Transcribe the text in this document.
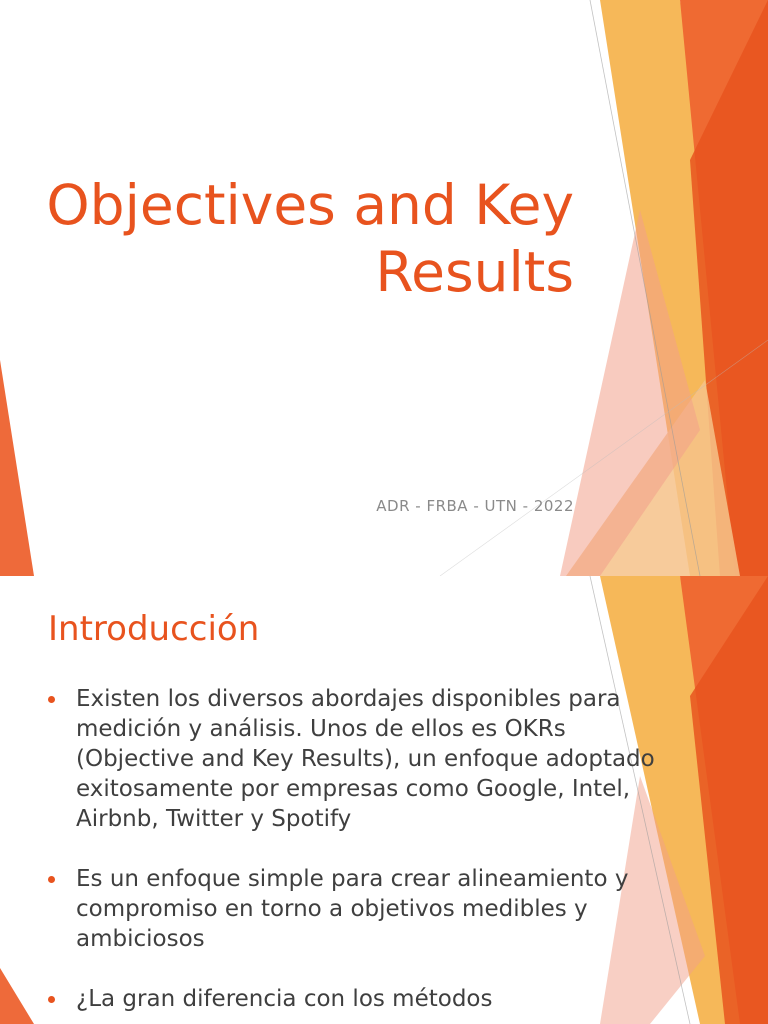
Objectives and Key
Results

ADR - FRBA - UTN - 2022

Introducción
Existen los diversos abordajes disponibles para medición y análisis. Unos de ellos es OKRs (Objective and Key Results), un enfoque adoptado exitosamente por empresas como Google, Intel, Airbnb, Twitter y Spotify
Es un enfoque simple para crear alineamiento y compromiso en torno a objetivos medibles y ambiciosos
¿La gran diferencia con los métodos
